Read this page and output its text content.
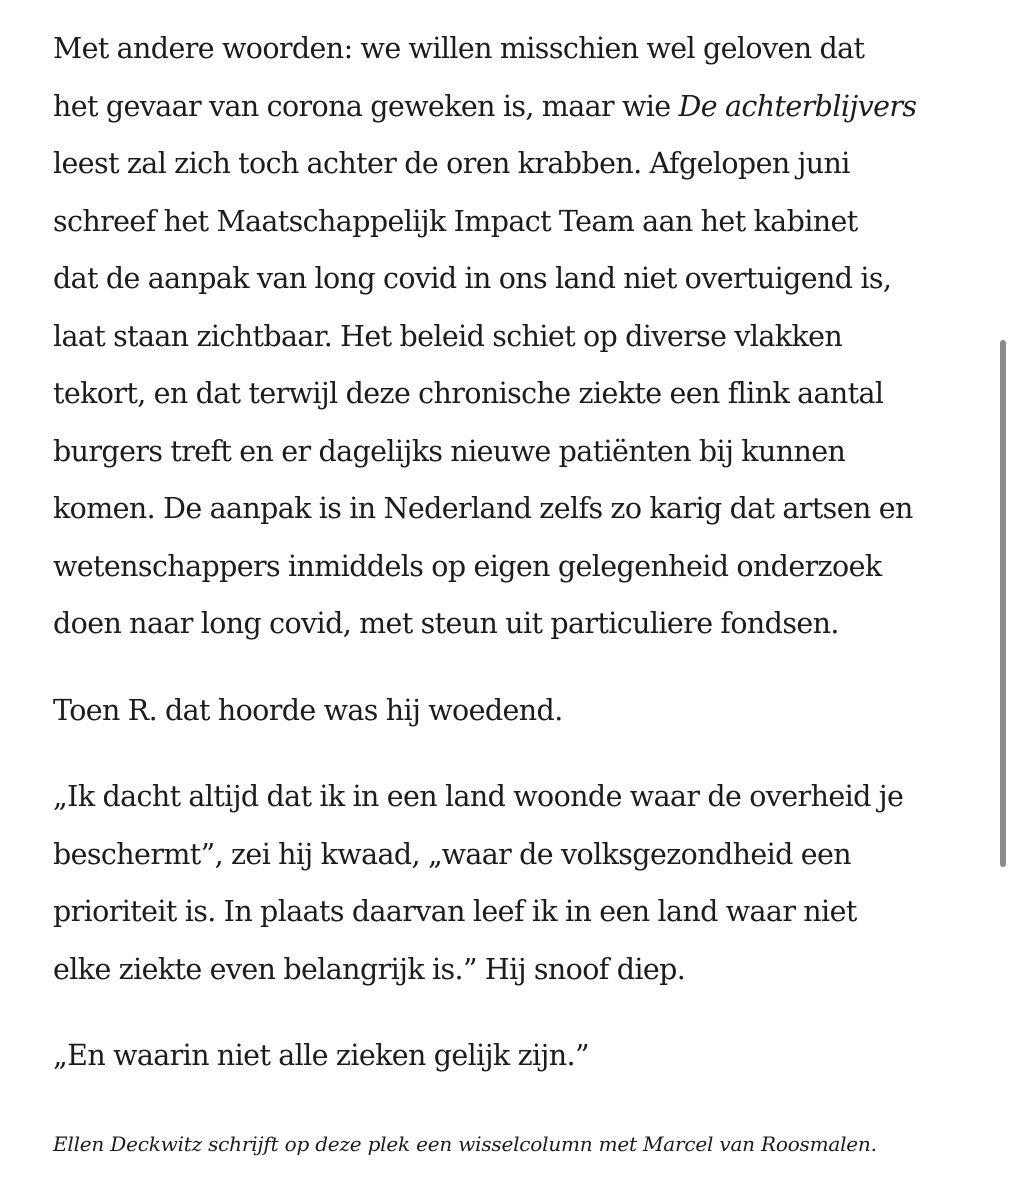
Met andere woorden: we willen misschien wel geloven dat
het gevaar van corona geweken is, maar wie De achterblijvers
leest zal zich toch achter de oren krabben. Afgelopen juni
schreef het Maatschappelijk Impact Team aan het kabinet
dat de aanpak van long covid in ons land niet overtuigend is,
laat staan zichtbaar. Het beleid schiet op diverse vlakken
tekort, en dat terwijl deze chronische ziekte een flink aantal
burgers treft en er dagelijks nieuwe patiënten bij kunnen
komen. De aanpak is in Nederland zelfs zo karig dat artsen en
wetenschappers inmiddels op eigen gelegenheid onderzoek
doen naar long covid, met steun uit particuliere fondsen.

Toen R. dat hoorde was hij woedend.

„Ik dacht altijd dat ik in een land woonde waar de overheid je
beschermt”, zei hij kwaad, „waar de volksgezondheid een
prioriteit is. In plaats daarvan leef ik in een land waar niet
elke ziekte even belangrijk is.” Hij snoof diep.

„En waarin niet alle zieken gelijk zijn.”

Ellen Deckwitz schrijft op deze plek een wisselcolumn met Marcel van Roosmalen.
